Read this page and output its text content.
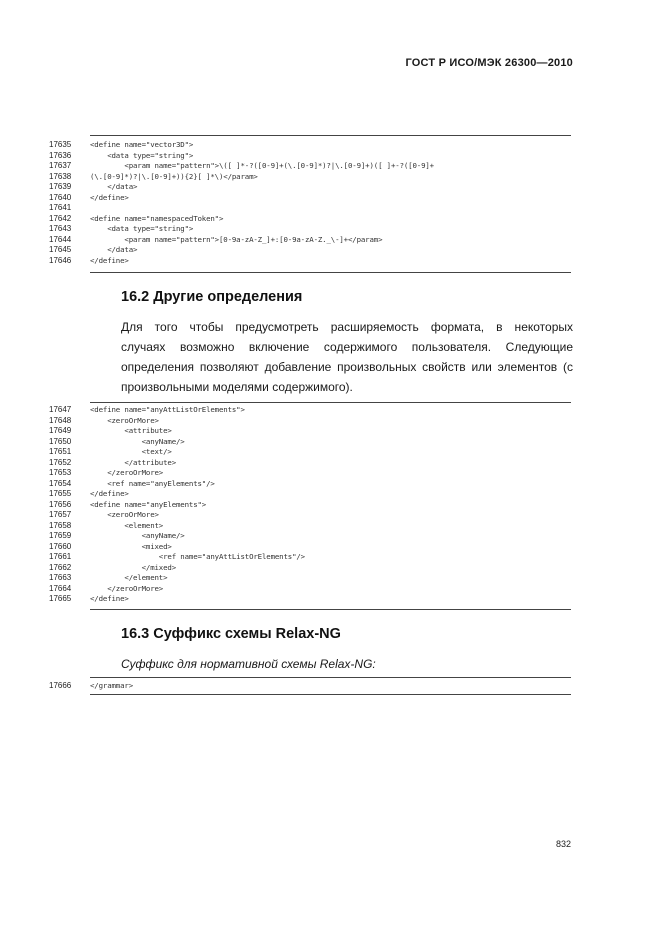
ГОСТ Р ИСО/МЭК 26300—2010
17635	<define name="vector3D">
17636	<data type="string">
17637	<param name="pattern">\([ ]*-?([0-9]+(\.[0-9]*)?|\.[0-9]+)([ ]+-?([0-9]+
17638	(\.[0-9]*)?|\.[0-9]+)){2}[ ]*\)</param>
17639	</data>
17640	</define>
17641
17642	<define name="namespacedToken">
17643	<data type="string">
17644	<param name="pattern">[0-9a-zA-Z_]+:[0-9a-zA-Z._\-]+</param>
17645	</data>
17646	</define>
16.2 Другие определения
Для того чтобы предусмотреть расширяемость формата, в некоторых
случаях возможно включение содержимого пользователя. Следующие
определения позволяют добавление произвольных свойств или элементов (с
произвольными моделями содержимого).
17647	<define name="anyAttListOrElements">
17648	<zeroOrMore>
17649	<attribute>
17650	<anyName/>
17651	<text/>
17652	</attribute>
17653	</zeroOrMore>
17654	<ref name="anyElements"/>
17655	</define>
17656	<define name="anyElements">
17657	<zeroOrMore>
17658	<element>
17659	<anyName/>
17660	<mixed>
17661	<ref name="anyAttListOrElements"/>
17662	</mixed>
17663	</element>
17664	</zeroOrMore>
17665	</define>
16.3 Суффикс схемы Relax-NG
Суффикс для нормативной схемы Relax-NG:
17666	</grammar>
832
